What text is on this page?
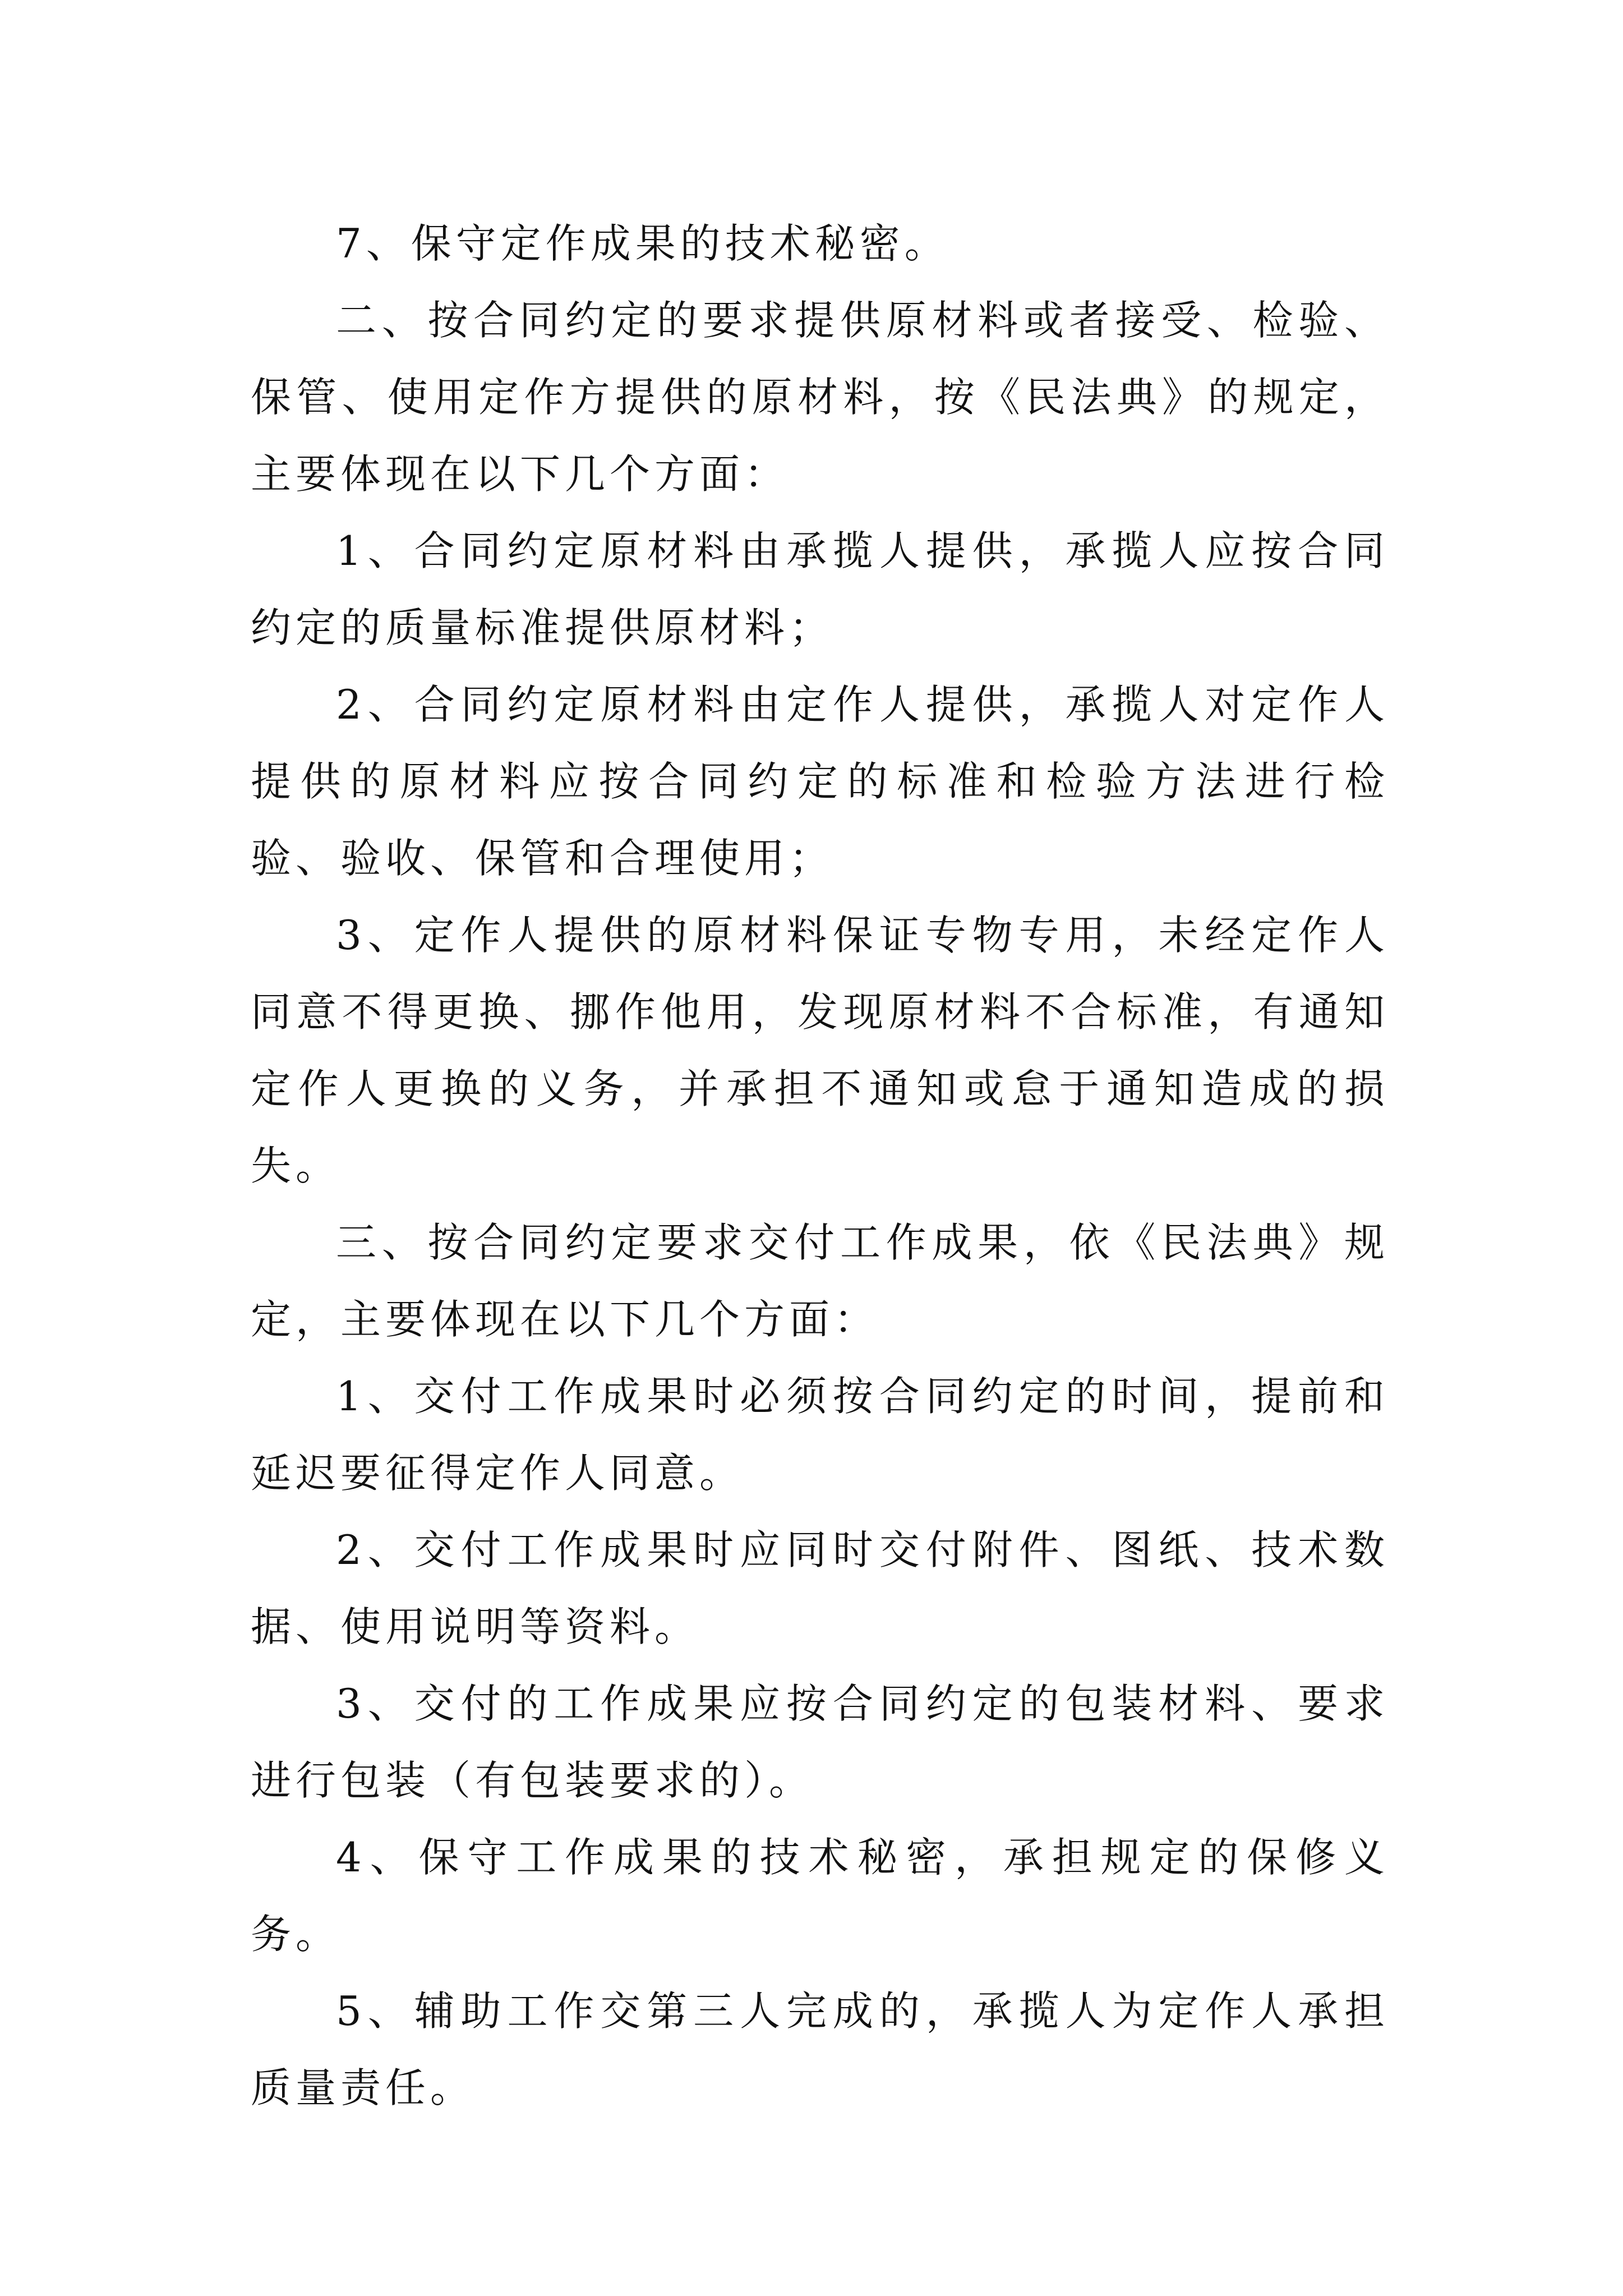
7、保守定作成果的技术秘密。

二、按合同约定的要求提供原材料或者接受、检验、保管、使用定作方提供的原材料，按《民法典》的规定，主要体现在以下几个方面：

1、合同约定原材料由承揽人提供，承揽人应按合同约定的质量标准提供原材料；

2、合同约定原材料由定作人提供，承揽人对定作人提供的原材料应按合同约定的标准和检验方法进行检　验、验收、保管和合理使用；

3、定作人提供的原材料保证专物专用，未经定作人同意不得更换、挪作他用，发现原材料不合标准，有通知定作人更换的义务，并承担不通知或怠于通知造成的损失。

三、按合同约定要求交付工作成果，依《民法典》规定，主要体现在以下几个方面：

1、交付工作成果时必须按合同约定的时间，提前和延迟要征得定作人同意。

2、交付工作成果时应同时交付附件、图纸、技术数据、使用说明等资料。

3、交付的工作成果应按合同约定的包装材料、要求进行包装（有包装要求的）。

4、保守工作成果的技术秘密，承担规定的保修义务。

5、辅助工作交第三人完成的，承揽人为定作人承担质量责任。
